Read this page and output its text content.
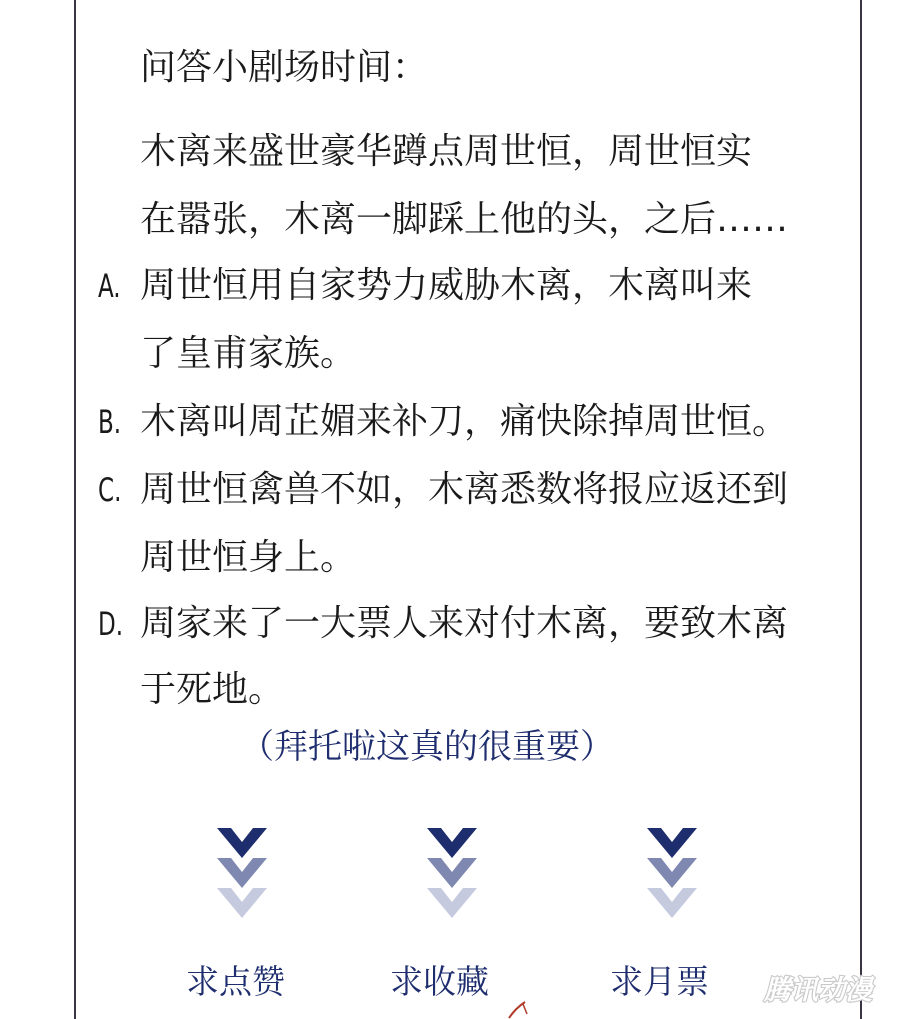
问答小剧场时间：
木离来盛世豪华蹲点周世恒，周世恒实
在嚣张，木离一脚踩上他的头，之后……
A. 周世恒用自家势力威胁木离，木离叫来
了皇甫家族。
B. 木离叫周芷媚来补刀，痛快除掉周世恒。
C. 周世恒禽兽不如，木离悉数将报应返还到
周世恒身上。
D. 周家来了一大票人来对付木离，要致木离
于死地。
（拜托啦这真的很重要）
求点赞	求收藏	求月票 腾讯动漫
